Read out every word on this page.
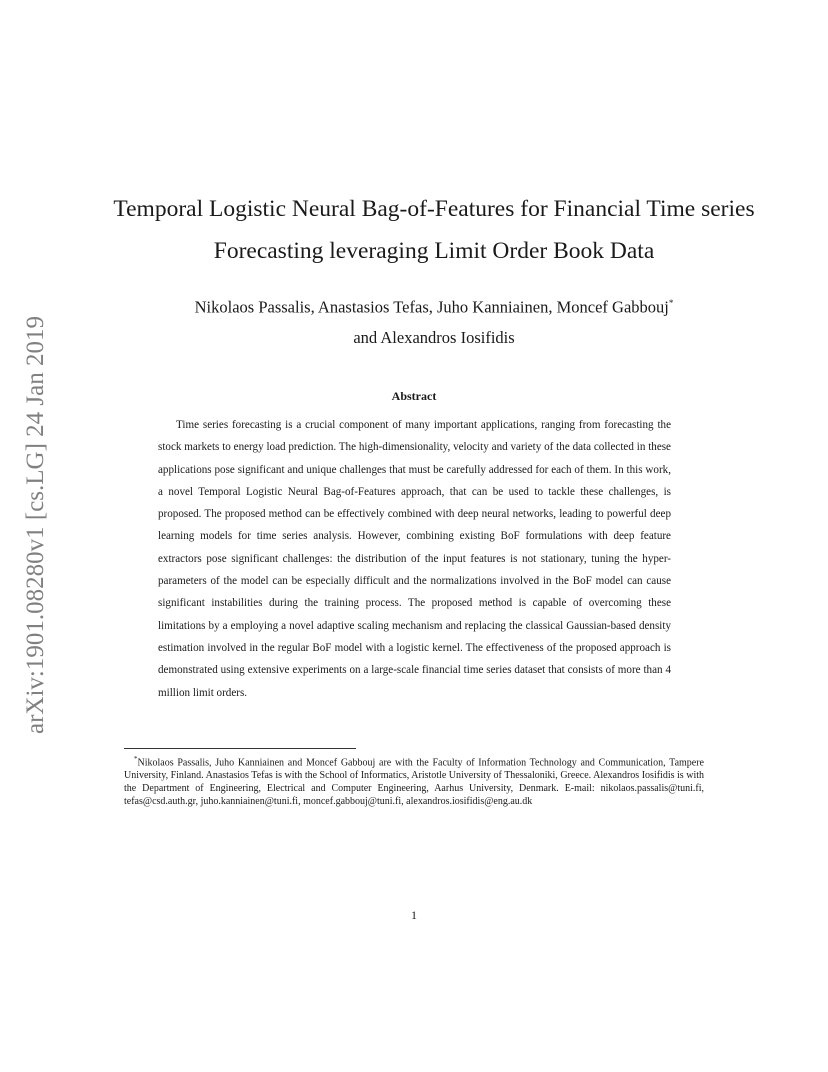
arXiv:1901.08280v1 [cs.LG] 24 Jan 2019
Temporal Logistic Neural Bag-of-Features for Financial Time series Forecasting leveraging Limit Order Book Data
Nikolaos Passalis, Anastasios Tefas, Juho Kanniainen, Moncef Gabbouj*
and Alexandros Iosifidis
Abstract

Time series forecasting is a crucial component of many important applications, ranging from forecasting the stock markets to energy load prediction. The high-dimensionality, velocity and variety of the data collected in these applications pose significant and unique challenges that must be carefully addressed for each of them. In this work, a novel Temporal Logistic Neural Bag-of-Features approach, that can be used to tackle these challenges, is proposed. The proposed method can be effectively combined with deep neural networks, leading to powerful deep learning models for time series analysis. However, combining existing BoF formulations with deep feature extractors pose significant challenges: the distribution of the input features is not stationary, tuning the hyper-parameters of the model can be especially difficult and the normalizations involved in the BoF model can cause significant instabilities during the training process. The proposed method is capable of overcoming these limitations by a employing a novel adaptive scaling mechanism and replacing the classical Gaussian-based density estimation involved in the regular BoF model with a logistic kernel. The effectiveness of the proposed approach is demonstrated using extensive experiments on a large-scale financial time series dataset that consists of more than 4 million limit orders.

*Nikolaos Passalis, Juho Kanniainen and Moncef Gabbouj are with the Faculty of Information Technology and Communication, Tampere University, Finland. Anastasios Tefas is with the School of Informatics, Aristotle University of Thessaloniki, Greece. Alexandros Iosifidis is with the Department of Engineering, Electrical and Computer Engineering, Aarhus University, Denmark. E-mail: nikolaos.passalis@tuni.fi, tefas@csd.auth.gr, juho.kanniainen@tuni.fi, moncef.gabbouj@tuni.fi, alexandros.iosifidis@eng.au.dk

1
